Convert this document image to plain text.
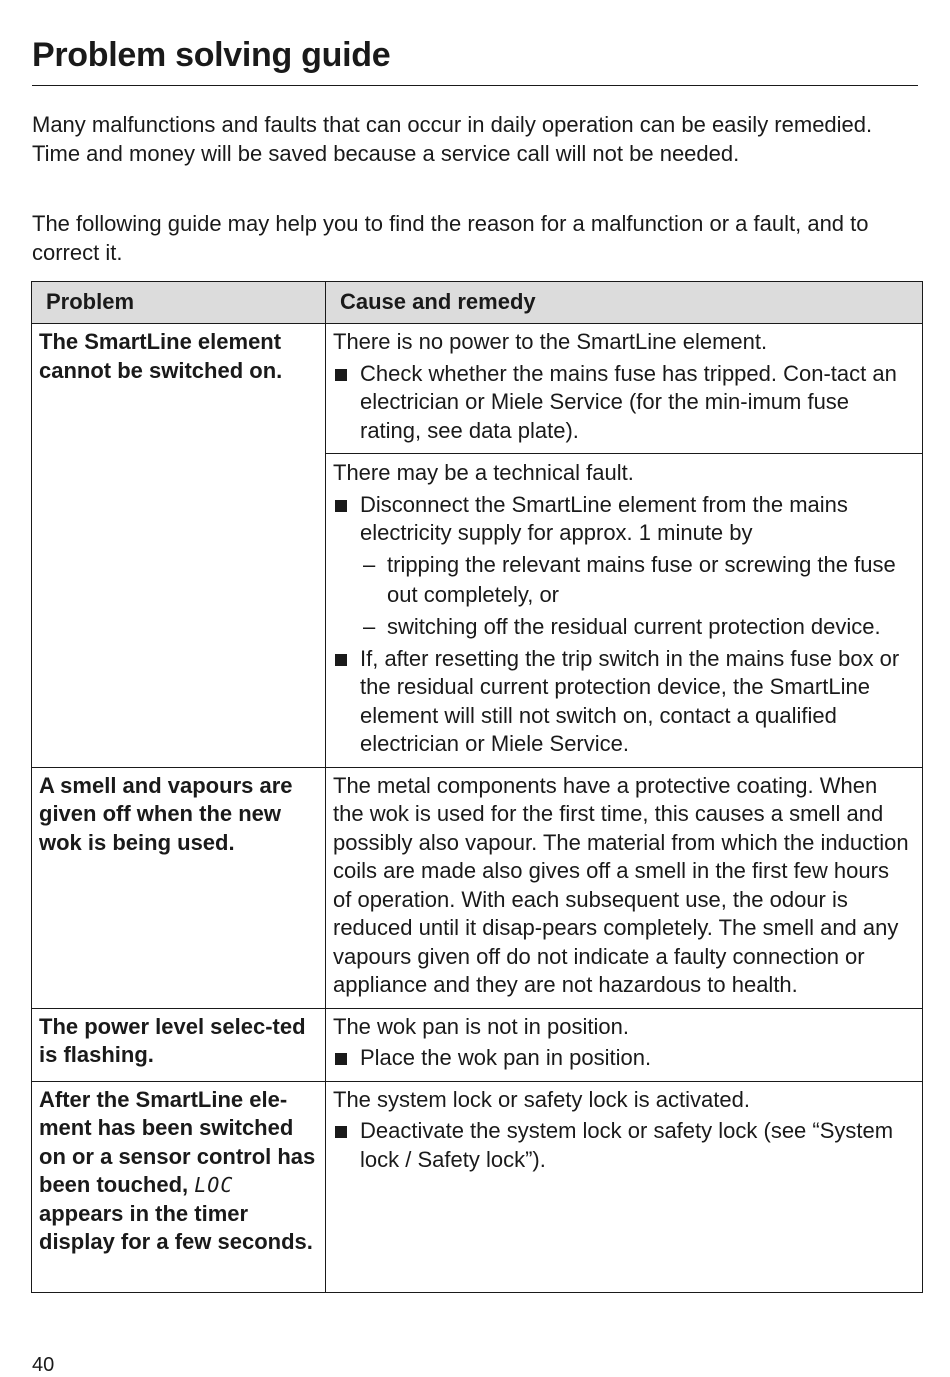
Problem solving guide

Many malfunctions and faults that can occur in daily operation can be easily remedied. Time and money will be saved because a service call will not be needed.

The following guide may help you to find the reason for a malfunction or a fault, and to correct it.

Problem	Cause and remedy
The SmartLine element cannot be switched on.	There is no power to the SmartLine element.

Check whether the mains fuse has tripped. Con-tact an electrician or Miele Service (for the min-imum fuse rating, see data plate).

	There may be a technical fault.

Disconnect the SmartLine element from the mains electricity supply for approx. 1 minute by
– tripping the relevant mains fuse or screwing the fuse out completely, or
– switching off the residual current protection device.
If, after resetting the trip switch in the mains fuse box or the residual current protection device, the SmartLine element will still not switch on, contact a qualified electrician or Miele Service.

A smell and vapours are given off when the new wok is being used.	The metal components have a protective coating. When the wok is used for the first time, this causes a smell and possibly also vapour. The material from which the induction coils are made also gives off a smell in the first few hours of operation. With each subsequent use, the odour is reduced until it disap-pears completely. The smell and any vapours given off do not indicate a faulty connection or appliance and they are not hazardous to health.

The power level selec-ted is flashing.	The wok pan is not in position.

Place the wok pan in position.

After the SmartLine ele-ment has been switched on or a sensor control has been touched, LOC appears in the timer display for a few seconds.	The system lock or safety lock is activated.

Deactivate the system lock or safety lock (see “System lock / Safety lock”).
40
